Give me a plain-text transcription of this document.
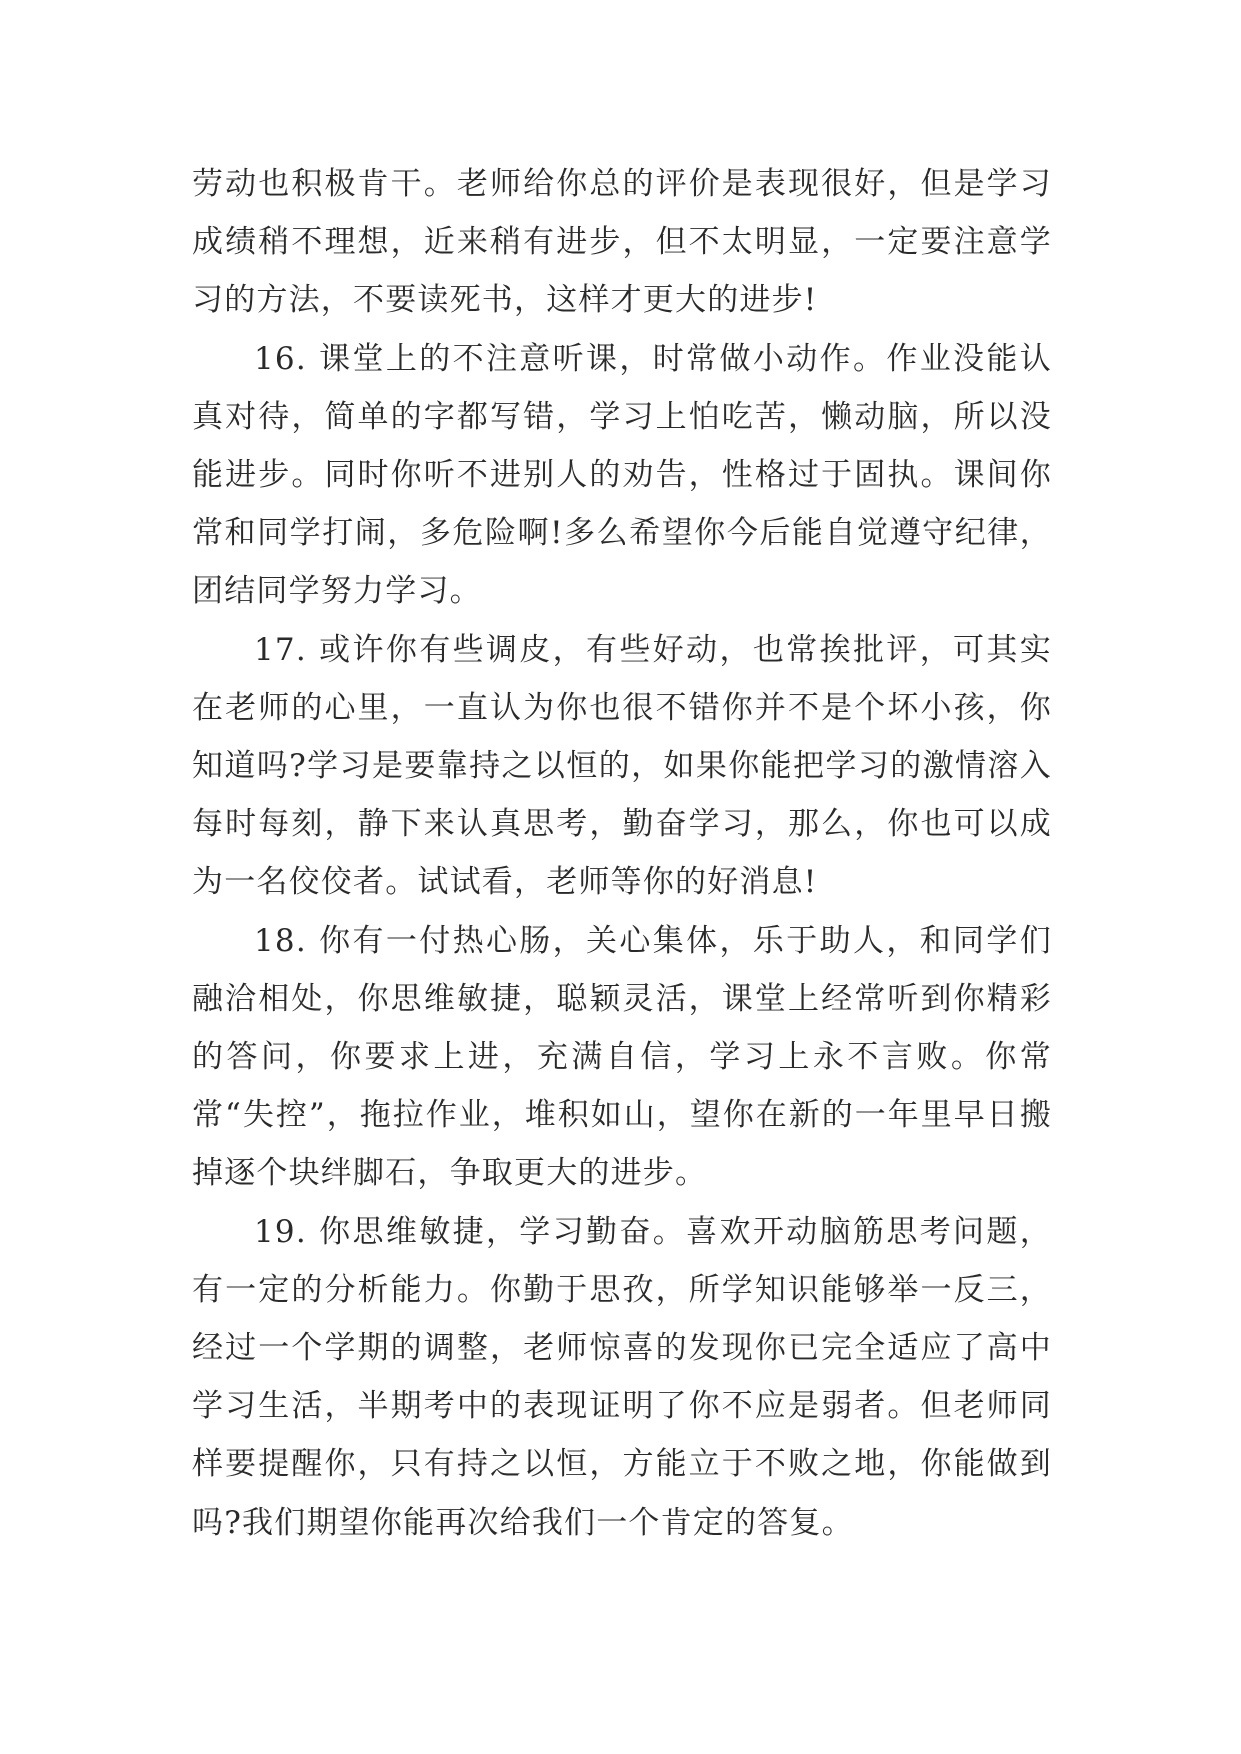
劳动也积极肯干。老师给你总的评价是表现很好，但是学习成绩稍不理想，近来稍有进步，但不太明显，一定要注意学习的方法，不要读死书，这样才更大的进步!

16. 课堂上的不注意听课，时常做小动作。作业没能认真对待，简单的字都写错，学习上怕吃苦，懒动脑，所以没能进步。同时你听不进别人的劝告，性格过于固执。课间你常和同学打闹，多危险啊!多么希望你今后能自觉遵守纪律，团结同学努力学习。

17. 或许你有些调皮，有些好动，也常挨批评，可其实在老师的心里，一直认为你也很不错你并不是个坏小孩，你知道吗?学习是要靠持之以恒的，如果你能把学习的激情溶入每时每刻，静下来认真思考，勤奋学习，那么，你也可以成为一名佼佼者。试试看，老师等你的好消息!

18. 你有一付热心肠，关心集体，乐于助人，和同学们融洽相处，你思维敏捷，聪颖灵活，课堂上经常听到你精彩的答问，你要求上进，充满自信，学习上永不言败。你常常“失控”，拖拉作业，堆积如山，望你在新的一年里早日搬掉逐个块绊脚石，争取更大的进步。

19. 你思维敏捷，学习勤奋。喜欢开动脑筋思考问题，有一定的分析能力。你勤于思孜，所学知识能够举一反三，经过一个学期的调整，老师惊喜的发现你已完全适应了高中学习生活，半期考中的表现证明了你不应是弱者。但老师同样要提醒你，只有持之以恒，方能立于不败之地，你能做到吗?我们期望你能再次给我们一个肯定的答复。
